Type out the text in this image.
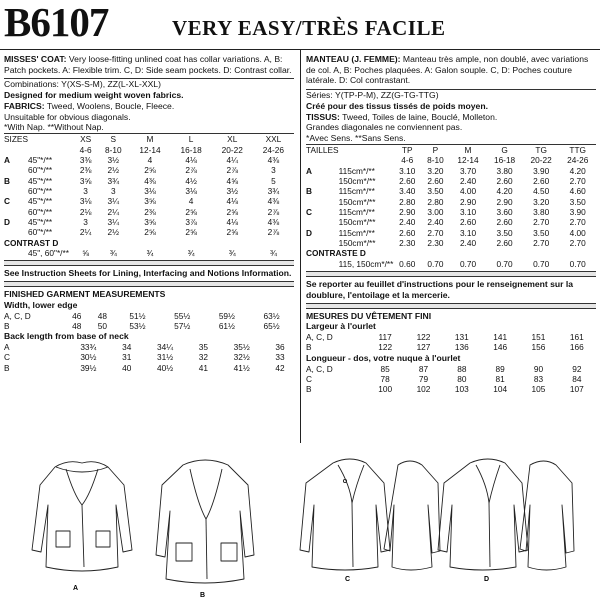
B6107	VERY EASY/TRÈS FACILE

MISSES' COAT: Very loose-fitting unlined coat has collar variations. A, B: Patch pockets. A: Flexible trim. C, D: Side seam pockets. D: Contrast collar.

Combinations: Y(XS-S-M), ZZ(L-XL-XXL)

Designed for medium weight woven fabrics.

FABRICS: Tweed, Woolens, Boucle, Fleece.

Unsuitable for obvious diagonals.

*With Nap. **Without Nap.

SIZES		XS	S	M	L	XL	XXL
		4-6	8-10	12-14	16-18	20-22	24-26
A	45"*/**	3⅜	3½	4	4⅛	4¼	4⅜
	60"*/**	2⅜	2½	2⅝	2⅞	2⅞	3
B	45"*/**	3⅝	3¾	4⅜	4½	4⅝	5
	60"*/**	3	3	3⅛	3⅛	3½	3¾
C	45"*/**	3⅛	3¼	3⅝	4	4⅛	4⅜
	60"*/**	2⅛	2¼	2⅜	2⅝	2⅝	2⅞
D	45"*/**	3	3¼	3⅝	3⅞	4⅛	4⅜
	60"*/**	2¼	2½	2⅝	2⅝	2⅝	2⅞
CONTRAST D							
	45", 60"*/**	⅝	¾	¾	¾	¾	¾

See Instruction Sheets for Lining, Interfacing and Notions Information.

FINISHED GARMENT MEASUREMENTS

Width, lower edge

A, C, D	46	48	51½	55½	59½	63½
B	48	50	53½	57½	61½	65½

Back length from base of neck

A	33¾	34	34¼	35	35½	36
C	30½	31	31½	32	32½	33
B	39½	40	40½	41	41½	42

MANTEAU (J. FEMME): Manteau très ample, non doublé, avec variations de col. A, B: Poches plaquées. A: Galon souple. C, D: Poches couture latérale. D: Col contrastant.

Séries: Y(TP-P-M), ZZ(G-TG-TTG)

Créé pour des tissus tissés de poids moyen.

TISSUS: Tweed, Toiles de laine, Bouclé, Molleton.

Grandes diagonales ne conviennent pas.

*Avec Sens. **Sans Sens.

TAILLES		TP	P	M	G	TG	TTG
		4-6	8-10	12-14	16-18	20-22	24-26
A	115cm*/**	3.10	3.20	3.70	3.80	3.90	4.20
	150cm*/**	2.60	2.60	2.40	2.60	2.60	2.70
B	115cm*/**	3.40	3.50	4.00	4.20	4.50	4.60
	150cm*/**	2.80	2.80	2.90	2.90	3.20	3.50
C	115cm*/**	2.90	3.00	3.10	3.60	3.80	3.90
	150cm*/**	2.40	2.40	2.60	2.60	2.70	2.70
D	115cm*/**	2.60	2.70	3.10	3.50	3.50	4.00
	150cm*/**	2.30	2.30	2.40	2.60	2.70	2.70
CONTRASTE D							
	115, 150cm*/**	0.60	0.70	0.70	0.70	0.70	0.70

Se reporter au feuillet d'instructions pour le renseignement sur la doublure, l'entoilage et la mercerie.

MESURES DU VÊTEMENT FINI

Largeur à l'ourlet

A, C, D	117	122	131	141	151	161
B	122	127	136	146	156	166

Longueur - dos, votre nuque à l'ourlet

A, C, D	85	87	88	89	90	92
C	78	79	80	81	83	84
B	100	102	103	104	105	107
A
B
C	D
